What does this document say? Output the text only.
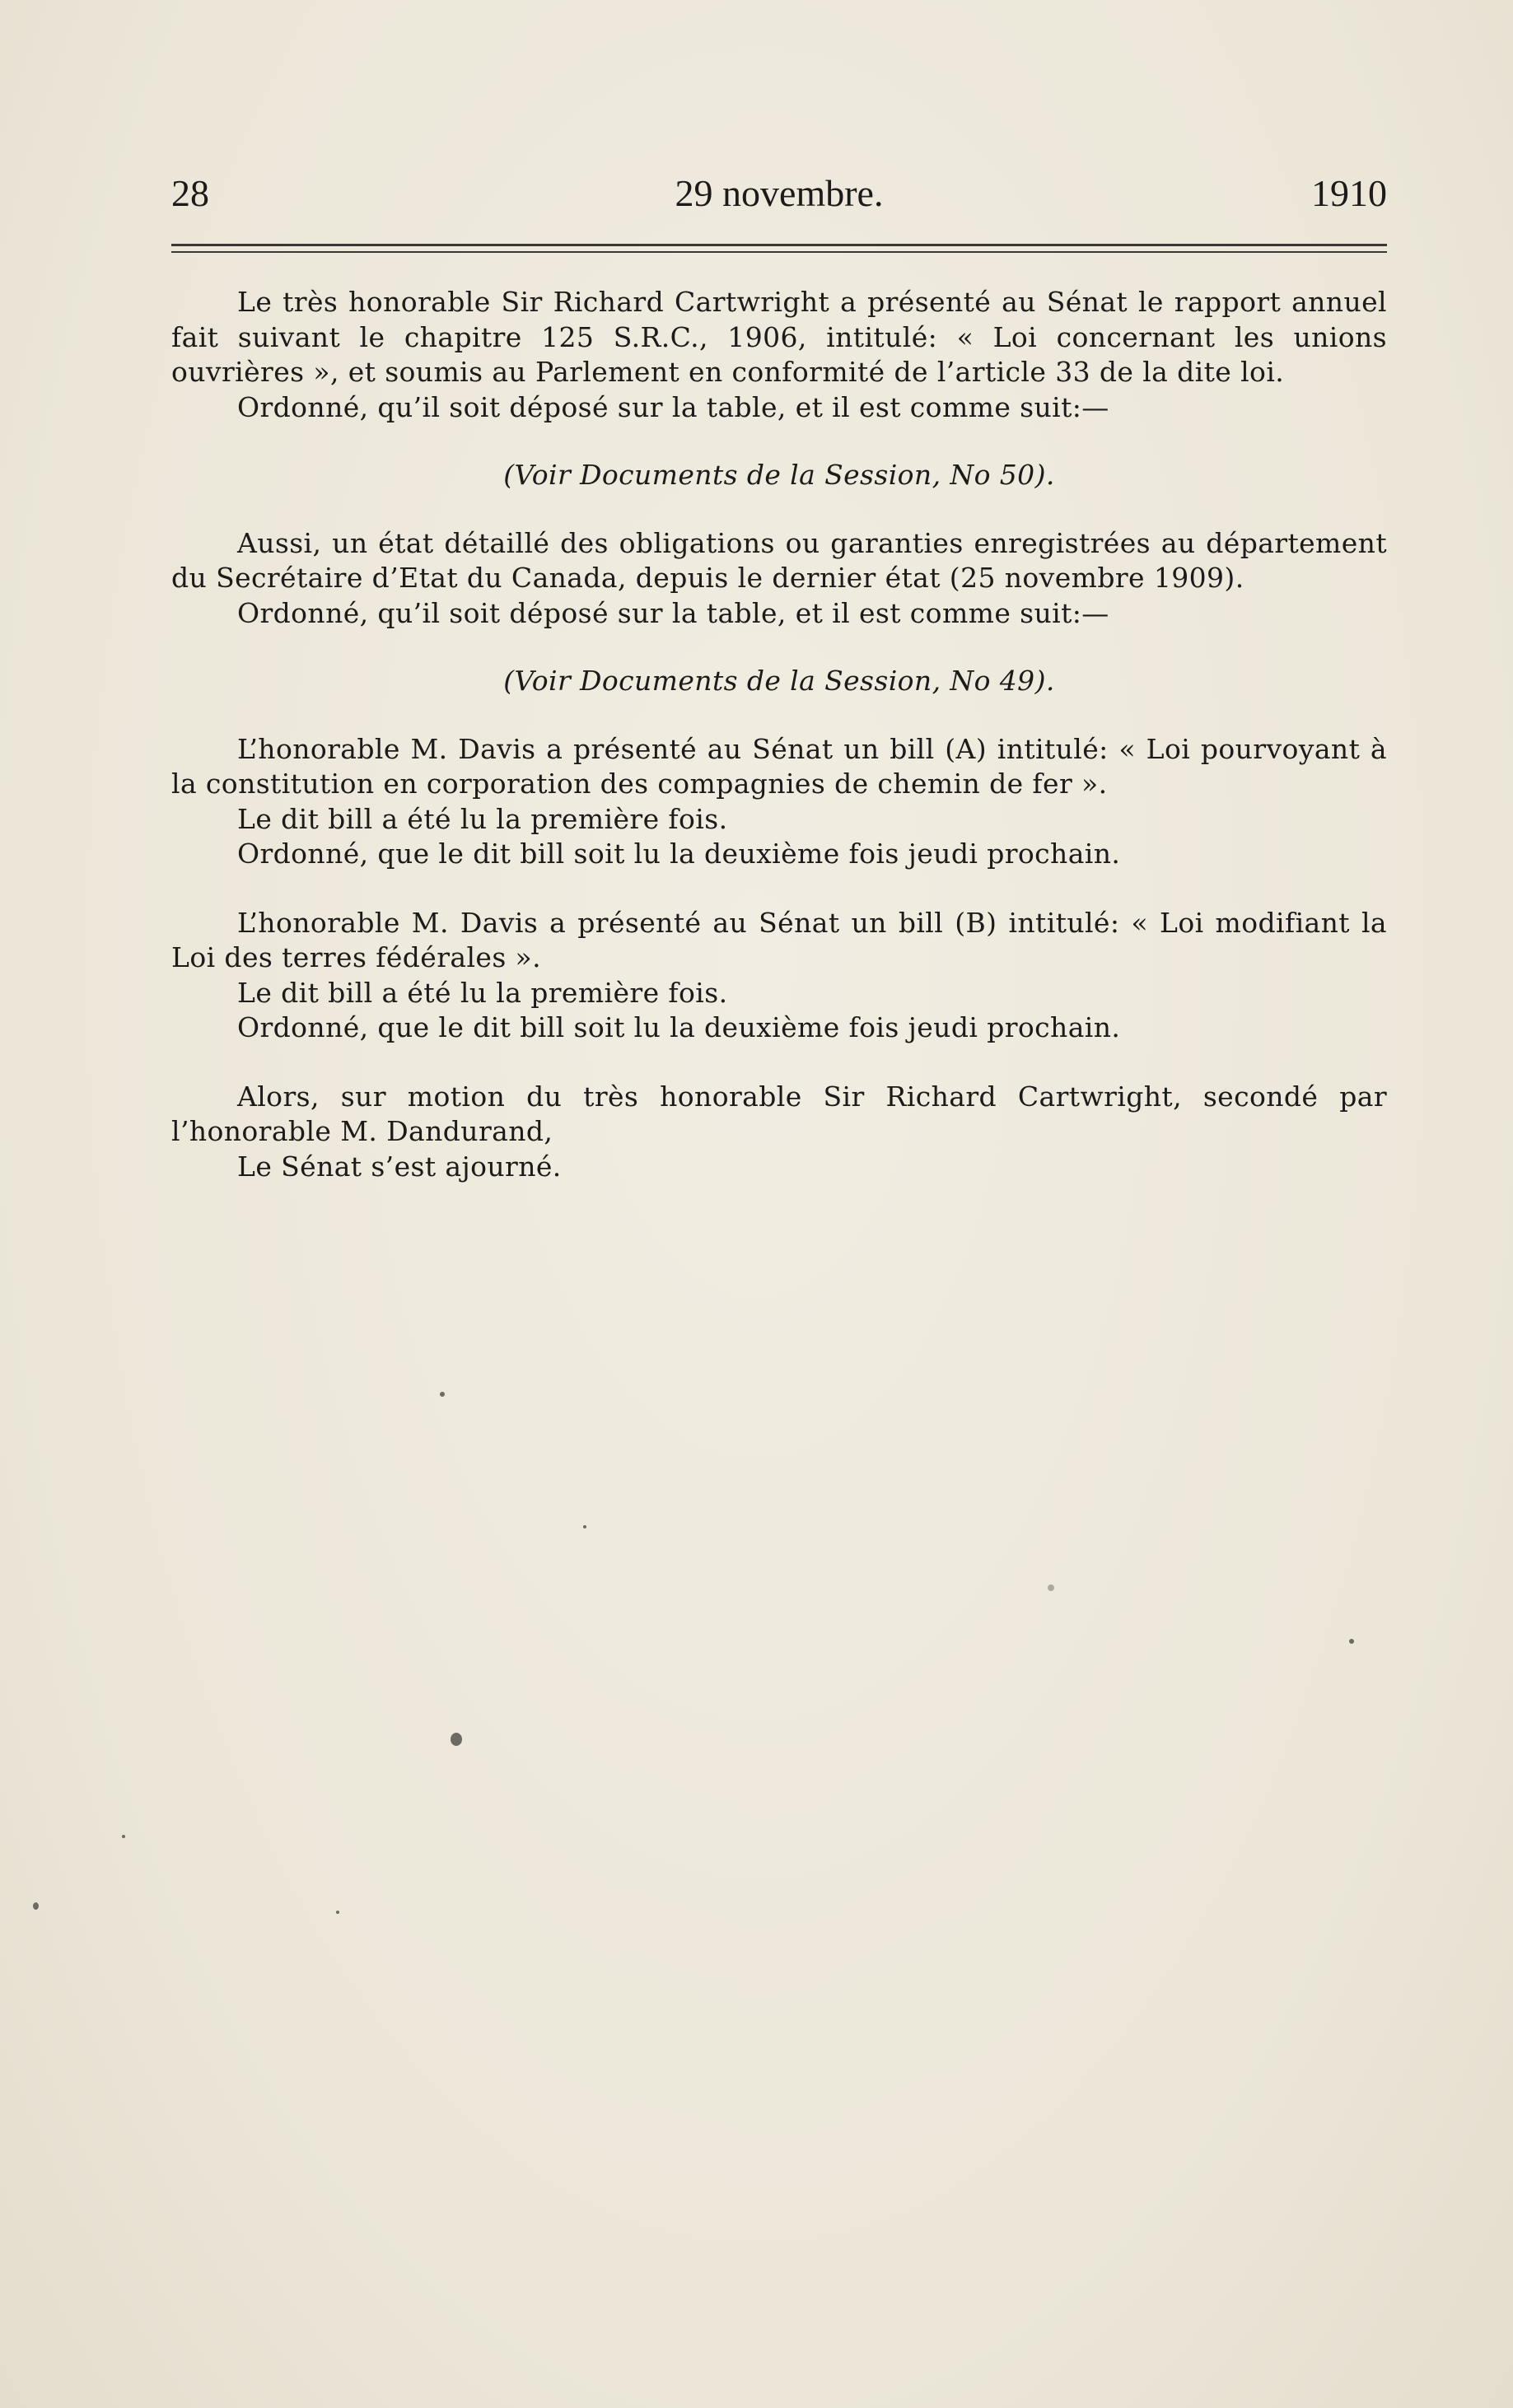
28	29 novembre.	1910

Le très honorable Sir Richard Cartwright a présenté au Sénat le rapport annuel fait suivant le chapitre 125 S.R.C., 1906, intitulé: « Loi concernant les unions ouvrières », et soumis au Parlement en conformité de l’article 33 de la dite loi.

Ordonné, qu’il soit déposé sur la table, et il est comme suit:—

(Voir Documents de la Session, No 50).

Aussi, un état détaillé des obligations ou garanties enregistrées au département du Secrétaire d’Etat du Canada, depuis le dernier état (25 novembre 1909).

Ordonné, qu’il soit déposé sur la table, et il est comme suit:—

(Voir Documents de la Session, No 49).

L’honorable M. Davis a présenté au Sénat un bill (A) intitulé: « Loi pourvoyant à la constitution en corporation des compagnies de chemin de fer ».

Le dit bill a été lu la première fois.

Ordonné, que le dit bill soit lu la deuxième fois jeudi prochain.

L’honorable M. Davis a présenté au Sénat un bill (B) intitulé: « Loi modifiant la Loi des terres fédérales ».

Le dit bill a été lu la première fois.

Ordonné, que le dit bill soit lu la deuxième fois jeudi prochain.

Alors, sur motion du très honorable Sir Richard Cartwright, secondé par l’honorable M. Dandurand,

Le Sénat s’est ajourné.
